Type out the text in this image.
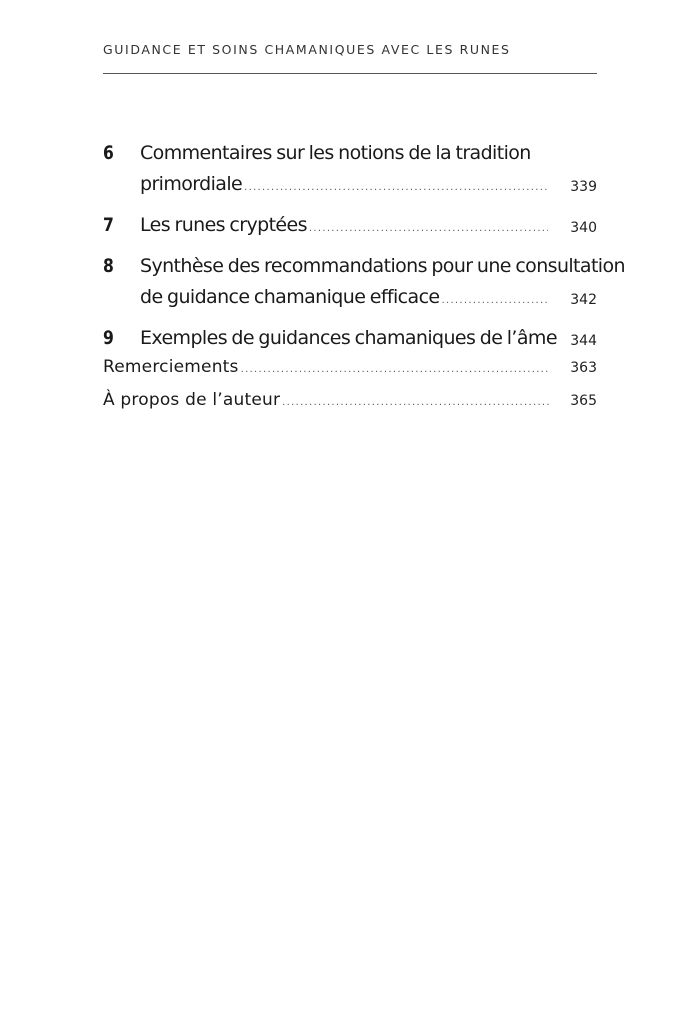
GUIDANCE ET SOINS CHAMANIQUES AVEC LES RUNES
6	Commentaires sur les notions de la tradition
primordiale .....	339
7	Les runes cryptées .....	340
8	Synthèse des recommandations pour une consultation
de guidance chamanique efficace .....	342
9	Exemples de guidances chamaniques de l’âme 344
Remerciements .....	363
À propos de l’auteur .....	365
